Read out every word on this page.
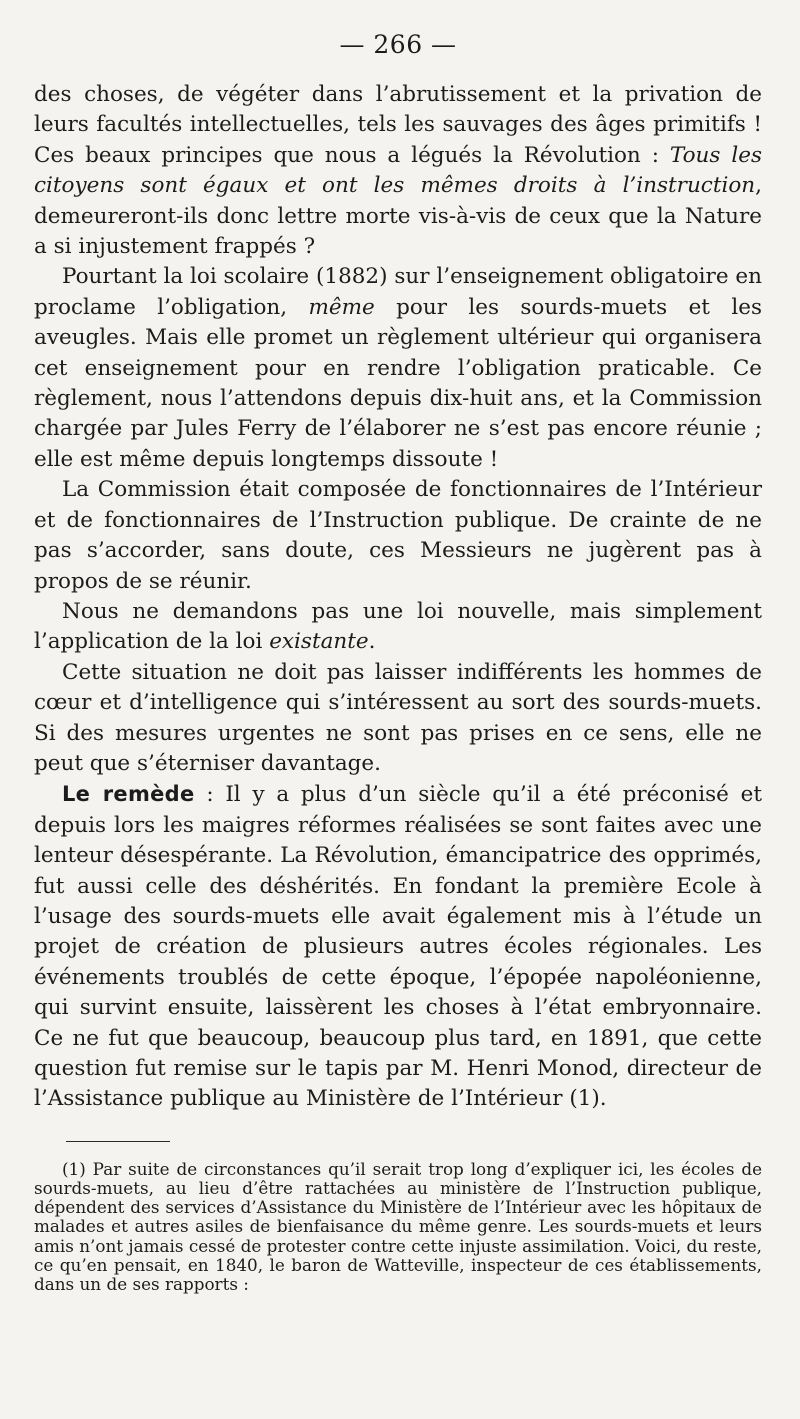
— 266 —

des choses, de végéter dans l’abrutissement et la privation de leurs facultés intellectuelles, tels les sauvages des âges primitifs ! Ces beaux principes que nous a légués la Révolution : Tous les citoyens sont égaux et ont les mêmes droits à l’instruction, demeureront-ils donc lettre morte vis-à-vis de ceux que la Nature a si injustement frappés ?

Pourtant la loi scolaire (1882) sur l’enseignement obligatoire en proclame l’obligation, même pour les sourds-muets et les aveugles. Mais elle promet un règlement ultérieur qui organisera cet enseignement pour en rendre l’obligation praticable. Ce règlement, nous l’attendons depuis dix-huit ans, et la Commission chargée par Jules Ferry de l’élaborer ne s’est pas encore réunie ; elle est même depuis longtemps dissoute !

La Commission était composée de fonctionnaires de l’Intérieur et de fonctionnaires de l’Instruction publique. De crainte de ne pas s’accorder, sans doute, ces Messieurs ne jugèrent pas à propos de se réunir.

Nous ne demandons pas une loi nouvelle, mais simplement l’application de la loi existante.

Cette situation ne doit pas laisser indifférents les hommes de cœur et d’intelligence qui s’intéressent au sort des sourds-muets. Si des mesures urgentes ne sont pas prises en ce sens, elle ne peut que s’éterniser davantage.

Le remède : Il y a plus d’un siècle qu’il a été préconisé et depuis lors les maigres réformes réalisées se sont faites avec une lenteur désespérante. La Révolution, émancipatrice des opprimés, fut aussi celle des déshérités. En fondant la première Ecole à l’usage des sourds-muets elle avait également mis à l’étude un projet de création de plusieurs autres écoles régionales. Les événements troublés de cette époque, l’épopée napoléonienne, qui survint ensuite, laissèrent les choses à l’état embryonnaire. Ce ne fut que beaucoup, beaucoup plus tard, en 1891, que cette question fut remise sur le tapis par M. Henri Monod, directeur de l’Assistance publique au Ministère de l’Intérieur (1).

(1) Par suite de circonstances qu’il serait trop long d’expliquer ici, les écoles de sourds-muets, au lieu d’être rattachées au ministère de l’Instruction publique, dépendent des services d’Assistance du Ministère de l’Intérieur avec les hôpitaux de malades et autres asiles de bienfaisance du même genre. Les sourds-muets et leurs amis n’ont jamais cessé de protester contre cette injuste assimilation. Voici, du reste, ce qu’en pensait, en 1840, le baron de Watteville, inspecteur de ces établissements, dans un de ses rapports :
